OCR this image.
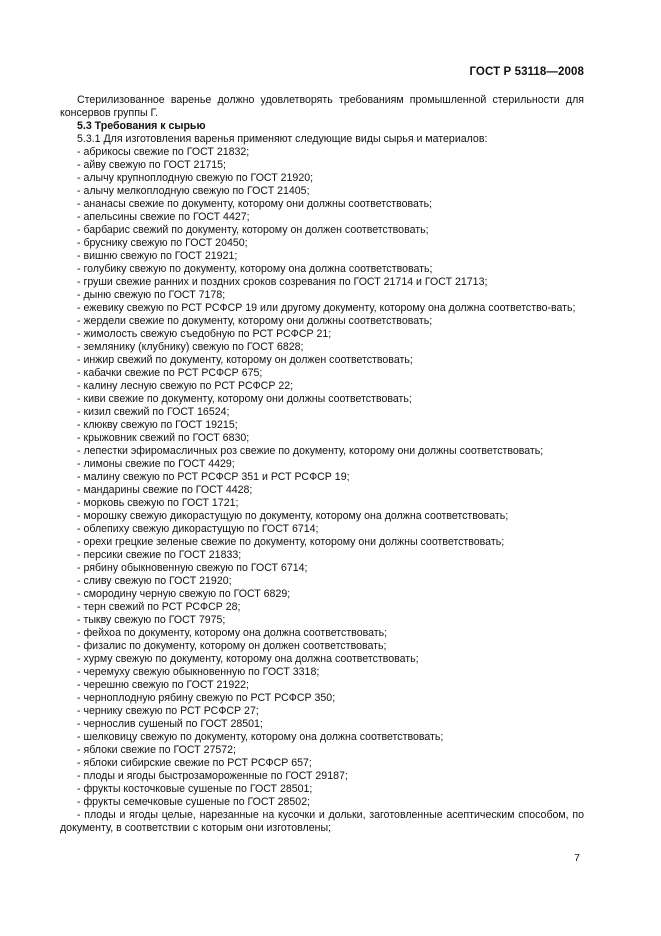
ГОСТ Р 53118—2008

Стерилизованное варенье должно удовлетворять требованиям промышленной стерильности для консервов группы Г.

5.3 Требования к сырью

5.3.1 Для изготовления варенья применяют следующие виды сырья и материалов:

- абрикосы свежие по ГОСТ 21832;
- айву свежую по ГОСТ 21715;
- алычу крупноплодную свежую по ГОСТ 21920;
- алычу мелкоплодную свежую по ГОСТ 21405;
- ананасы свежие по документу, которому они должны соответствовать;
- апельсины свежие по ГОСТ 4427;
- барбарис свежий по документу, которому он должен соответствовать;
- бруснику свежую по ГОСТ 20450;
- вишню свежую по ГОСТ 21921;
- голубику свежую по документу, которому она должна соответствовать;
- груши свежие ранних и поздних сроков созревания по ГОСТ 21714 и ГОСТ 21713;
- дыню свежую по ГОСТ 7178;
- ежевику свежую по РСТ РСФСР 19 или другому документу, которому она должна соответство-вать;
- жердели свежие по документу, которому они должны соответствовать;
- жимолость свежую съедобную по РСТ РСФСР 21;
- землянику (клубнику) свежую по ГОСТ 6828;
- инжир свежий по документу, которому он должен соответствовать;
- кабачки свежие по РСТ РСФСР 675;
- калину лесную свежую по РСТ РСФСР 22;
- киви свежие по документу, которому они должны соответствовать;
- кизил свежий по ГОСТ 16524;
- клюкву свежую по ГОСТ 19215;
- крыжовник свежий по ГОСТ 6830;
- лепестки эфиромасличных роз свежие по документу, которому они должны соответствовать;
- лимоны свежие по ГОСТ 4429;
- малину свежую по РСТ РСФСР 351 и РСТ РСФСР 19;
- мандарины свежие по ГОСТ 4428;
- морковь свежую по ГОСТ 1721;
- морошку свежую дикорастущую по документу, которому она должна соответствовать;
- облепиху свежую дикорастущую по ГОСТ 6714;
- орехи грецкие зеленые свежие по документу, которому они должны соответствовать;
- персики свежие по ГОСТ 21833;
- рябину обыкновенную свежую по ГОСТ 6714;
- сливу свежую по ГОСТ 21920;
- смородину черную свежую по ГОСТ 6829;
- терн свежий по РСТ РСФСР 28;
- тыкву свежую по ГОСТ 7975;
- фейхоа по документу, которому она должна соответствовать;
- физалис по документу, которому он должен соответствовать;
- хурму свежую по документу, которому она должна соответствовать;
- черемуху свежую обыкновенную по ГОСТ 3318;
- черешню свежую по ГОСТ 21922;
- черноплодную рябину свежую по РСТ РСФСР 350;
- чернику свежую по РСТ РСФСР 27;
- чернослив сушеный по ГОСТ 28501;
- шелковицу свежую по документу, которому она должна соответствовать;
- яблоки свежие по ГОСТ 27572;
- яблоки сибирские свежие по РСТ РСФСР 657;
- плоды и ягоды быстрозамороженные по ГОСТ 29187;
- фрукты косточковые сушеные по ГОСТ 28501;
- фрукты семечковые сушеные по ГОСТ 28502;
- плоды и ягоды целые, нарезанные на кусочки и дольки, заготовленные асептическим способом, по документу, в соответствии с которым они изготовлены;
7
